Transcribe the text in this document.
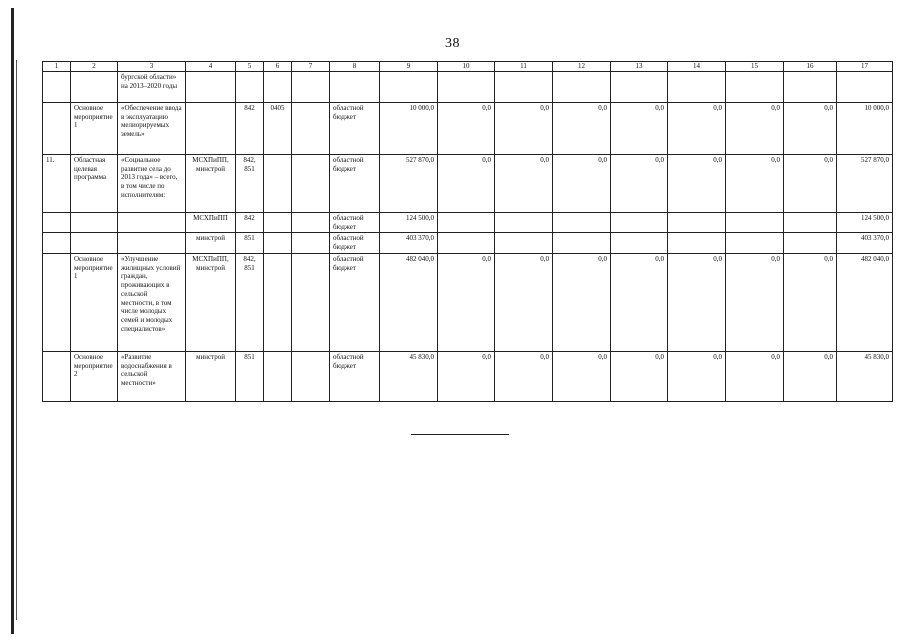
38
1	2	3	4	5	6	7	8	9	10	11	12	13	14	15	16	17
		бургской области» на 2013–2020 годы														
	Основное мероприятие 1	«Обеспечение ввода в эксплуатацию мелиорируемых земель»		842	0405		областной бюджет	10 000,0	0,0	0,0	0,0	0,0	0,0	0,0	0,0	10 000,0
11.	Областная целевая программа	«Социальное развитие села до 2013 года» – всего, в том числе по исполнителям:	МСХПиПП, минстрой	842, 851			областной бюджет	527 870,0	0,0	0,0	0,0	0,0	0,0	0,0	0,0	527 870,0
			МСХПиПП	842			областной бюджет	124 500,0								124 500,0
			минстрой	851			областной бюджет	403 370,0								403 370,0
	Основное мероприятие 1	«Улучшение жилищных условий граждан, проживающих в сельской местности, в том числе молодых семей и молодых специалистов»	МСХПиПП, минстрой	842, 851			областной бюджет	482 040,0	0,0	0,0	0,0	0,0	0,0	0,0	0,0	482 040,0
	Основное мероприятие 2	«Развитие водоснабжения в сельской местности»	минстрой	851			областной бюджет	45 830,0	0,0	0,0	0,0	0,0	0,0	0,0	0,0	45 830,0
